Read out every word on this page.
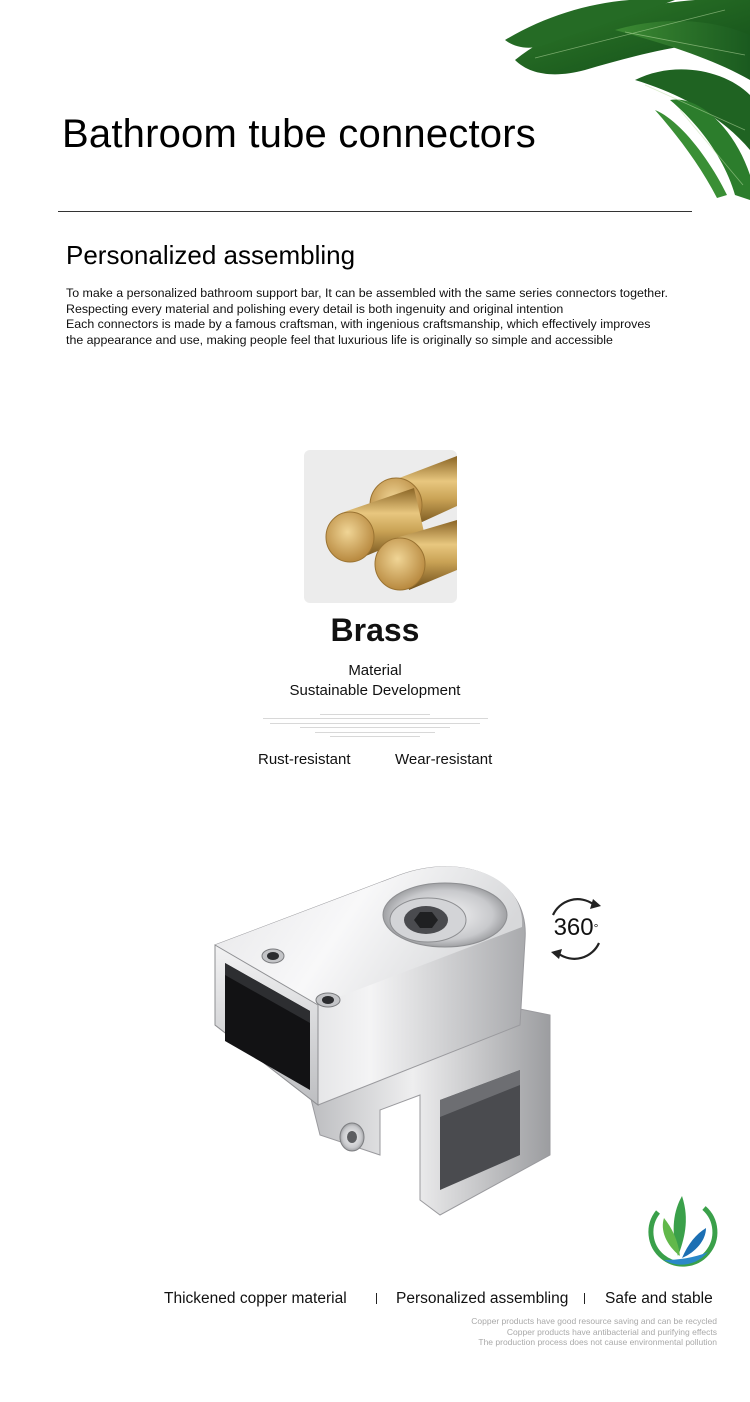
Bathroom tube connectors
Personalized assembling
To make a personalized bathroom support bar, It can be assembled with the same series connectors together.
Respecting every material and polishing every detail is both ingenuity and original intention
Each connectors is made by a famous craftsman, with ingenious craftsmanship, which effectively improves
the appearance and use, making people feel that luxurious life is originally so simple and accessible
Brass
Material
Sustainable Development
Rust-resistant	Wear-resistant
360°
Thickened copper material	Personalized assembling Safe and stable
Copper products have good resource saving and can be recycled
Copper products have antibacterial and purifying effects
The production process does not cause environmental pollution
